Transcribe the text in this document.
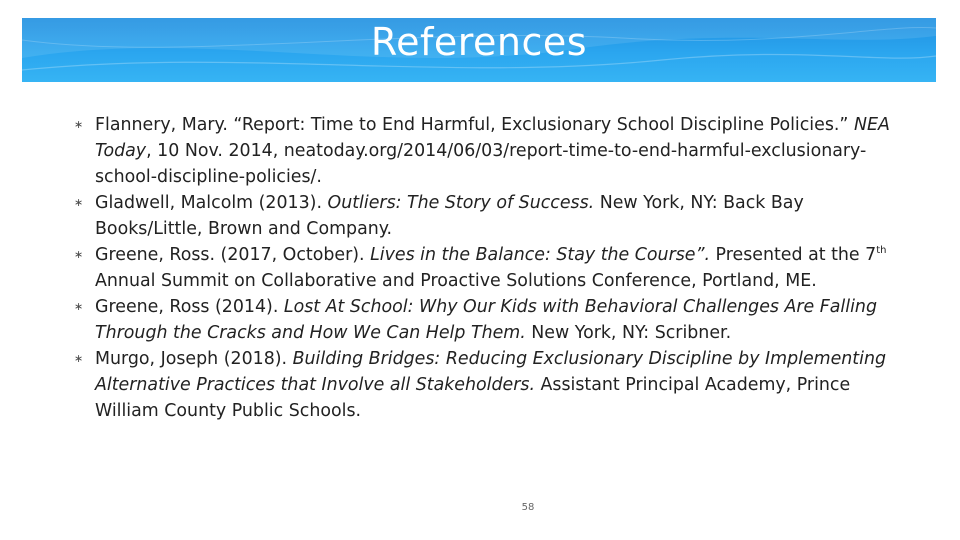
References
∗ Flannery, Mary. “Report: Time to End Harmful, Exclusionary School Discipline Policies.” NEA Today, 10 Nov. 2014, neatoday.org/2014/06/03/report-time-to-end-harmful-exclusionary-school-discipline-policies/.
∗ Gladwell, Malcolm (2013). Outliers: The Story of Success. New York, NY: Back Bay Books/Little, Brown and Company.
∗ Greene, Ross. (2017, October). Lives in the Balance: Stay the Course”. Presented at the 7th Annual Summit on Collaborative and Proactive Solutions Conference, Portland, ME.
∗ Greene, Ross (2014). Lost At School: Why Our Kids with Behavioral Challenges Are Falling Through the Cracks and How We Can Help Them. New York, NY: Scribner.
∗ Murgo, Joseph (2018). Building Bridges: Reducing Exclusionary Discipline by Implementing Alternative Practices that Involve all Stakeholders. Assistant Principal Academy, Prince William County Public Schools.
58
